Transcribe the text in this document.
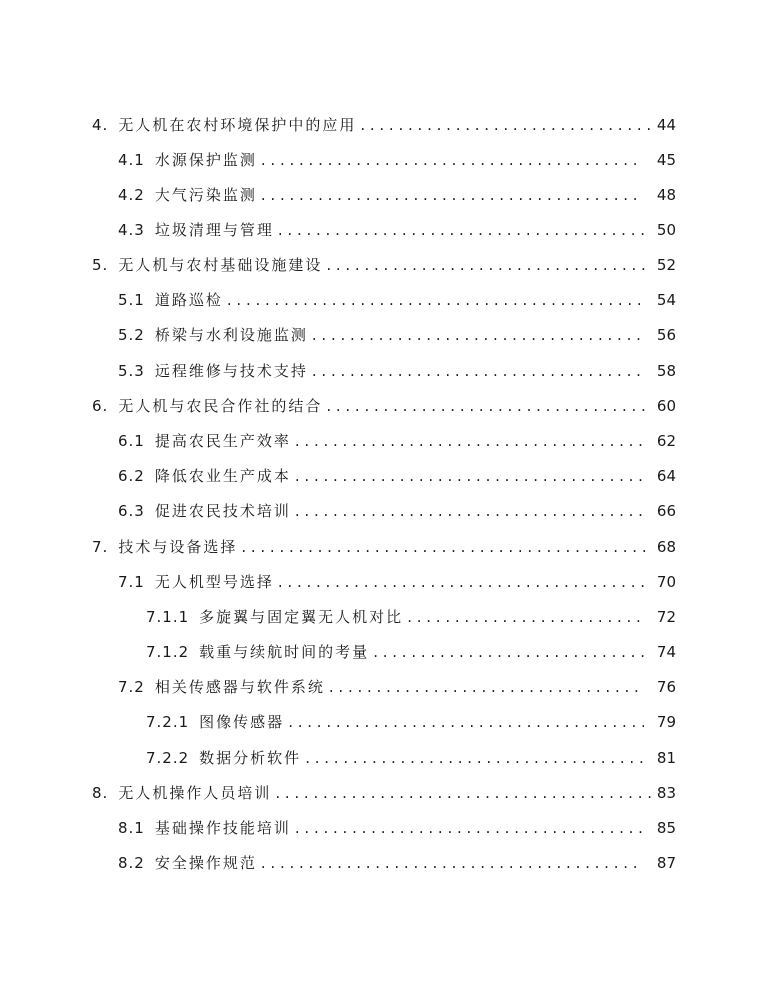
4. 无人机在农村环境保护中的应用 . . .	44
4.1 水源保护监测 . . .	45
4.2 大气污染监测 . . .	48
4.3 垃圾清理与管理 . . .	50
5. 无人机与农村基础设施建设 . . .	52
5.1 道路巡检 . . .	54
5.2 桥梁与水利设施监测 . . .	56
5.3 远程维修与技术支持 . . .	58
6. 无人机与农民合作社的结合 . . .	60
6.1 提高农民生产效率 . . .	62
6.2 降低农业生产成本 . . .	64
6.3 促进农民技术培训 . . .	66
7. 技术与设备选择 . . .	68
7.1 无人机型号选择 . . .	70
7.1.1 多旋翼与固定翼无人机对比 . . .	72
7.1.2 载重与续航时间的考量 . . .	74
7.2 相关传感器与软件系统 . . .	76
7.2.1 图像传感器 . . .	79
7.2.2 数据分析软件 . . .	81
8. 无人机操作人员培训 . . .	83
8.1 基础操作技能培训 . . .	85
8.2 安全操作规范 . . .	87
